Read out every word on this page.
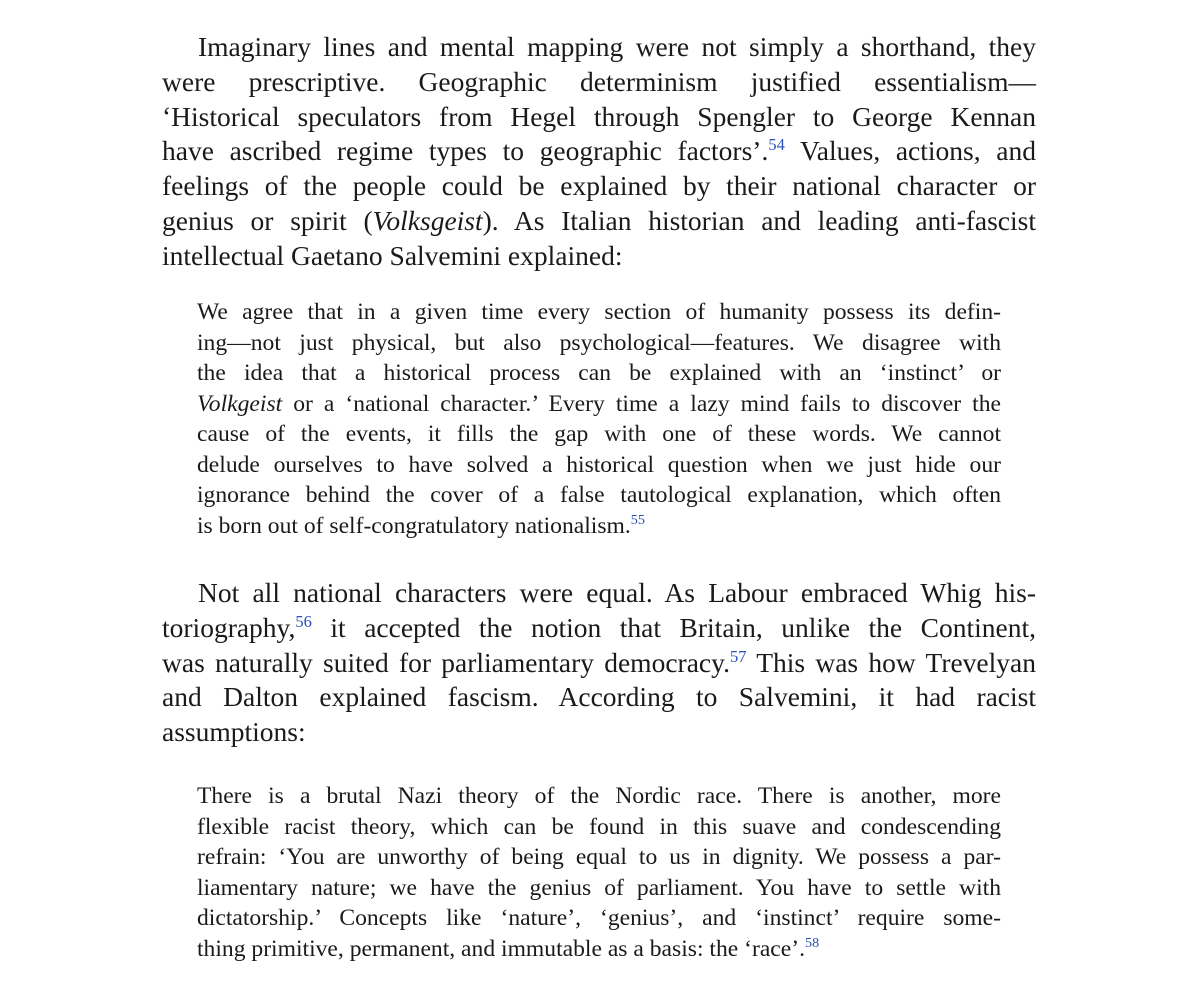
Imaginary lines and mental mapping were not simply a shorthand, they
were prescriptive. Geographic determinism justified essentialism—
‘Historical speculators from Hegel through Spengler to George Kennan
have ascribed regime types to geographic factors’.$^{54}$ Values, actions, and
feelings of the people could be explained by their national character or
genius or spirit (Volksgeist). As Italian historian and leading anti-fascist
intellectual Gaetano Salvemini explained:
We agree that in a given time every section of humanity possess its defin-
ing—not just physical, but also psychological—features. We disagree with
the idea that a historical process can be explained with an ‘instinct’ or
Volkgeist or a ‘national character.’ Every time a lazy mind fails to discover the
cause of the events, it fills the gap with one of these words. We cannot
delude ourselves to have solved a historical question when we just hide our
ignorance behind the cover of a false tautological explanation, which often
is born out of self-congratulatory nationalism.$^{55}$
Not all national characters were equal. As Labour embraced Whig his-
toriography,$^{56}$ it accepted the notion that Britain, unlike the Continent,
was naturally suited for parliamentary democracy.$^{57}$ This was how Trevelyan
and Dalton explained fascism. According to Salvemini, it had racist
assumptions:
There is a brutal Nazi theory of the Nordic race. There is another, more
flexible racist theory, which can be found in this suave and condescending
refrain: ‘You are unworthy of being equal to us in dignity. We possess a par-
liamentary nature; we have the genius of parliament. You have to settle with
dictatorship.’ Concepts like ‘nature’, ‘genius’, and ‘instinct’ require some-
thing primitive, permanent, and immutable as a basis: the ‘race’.$^{58}$
